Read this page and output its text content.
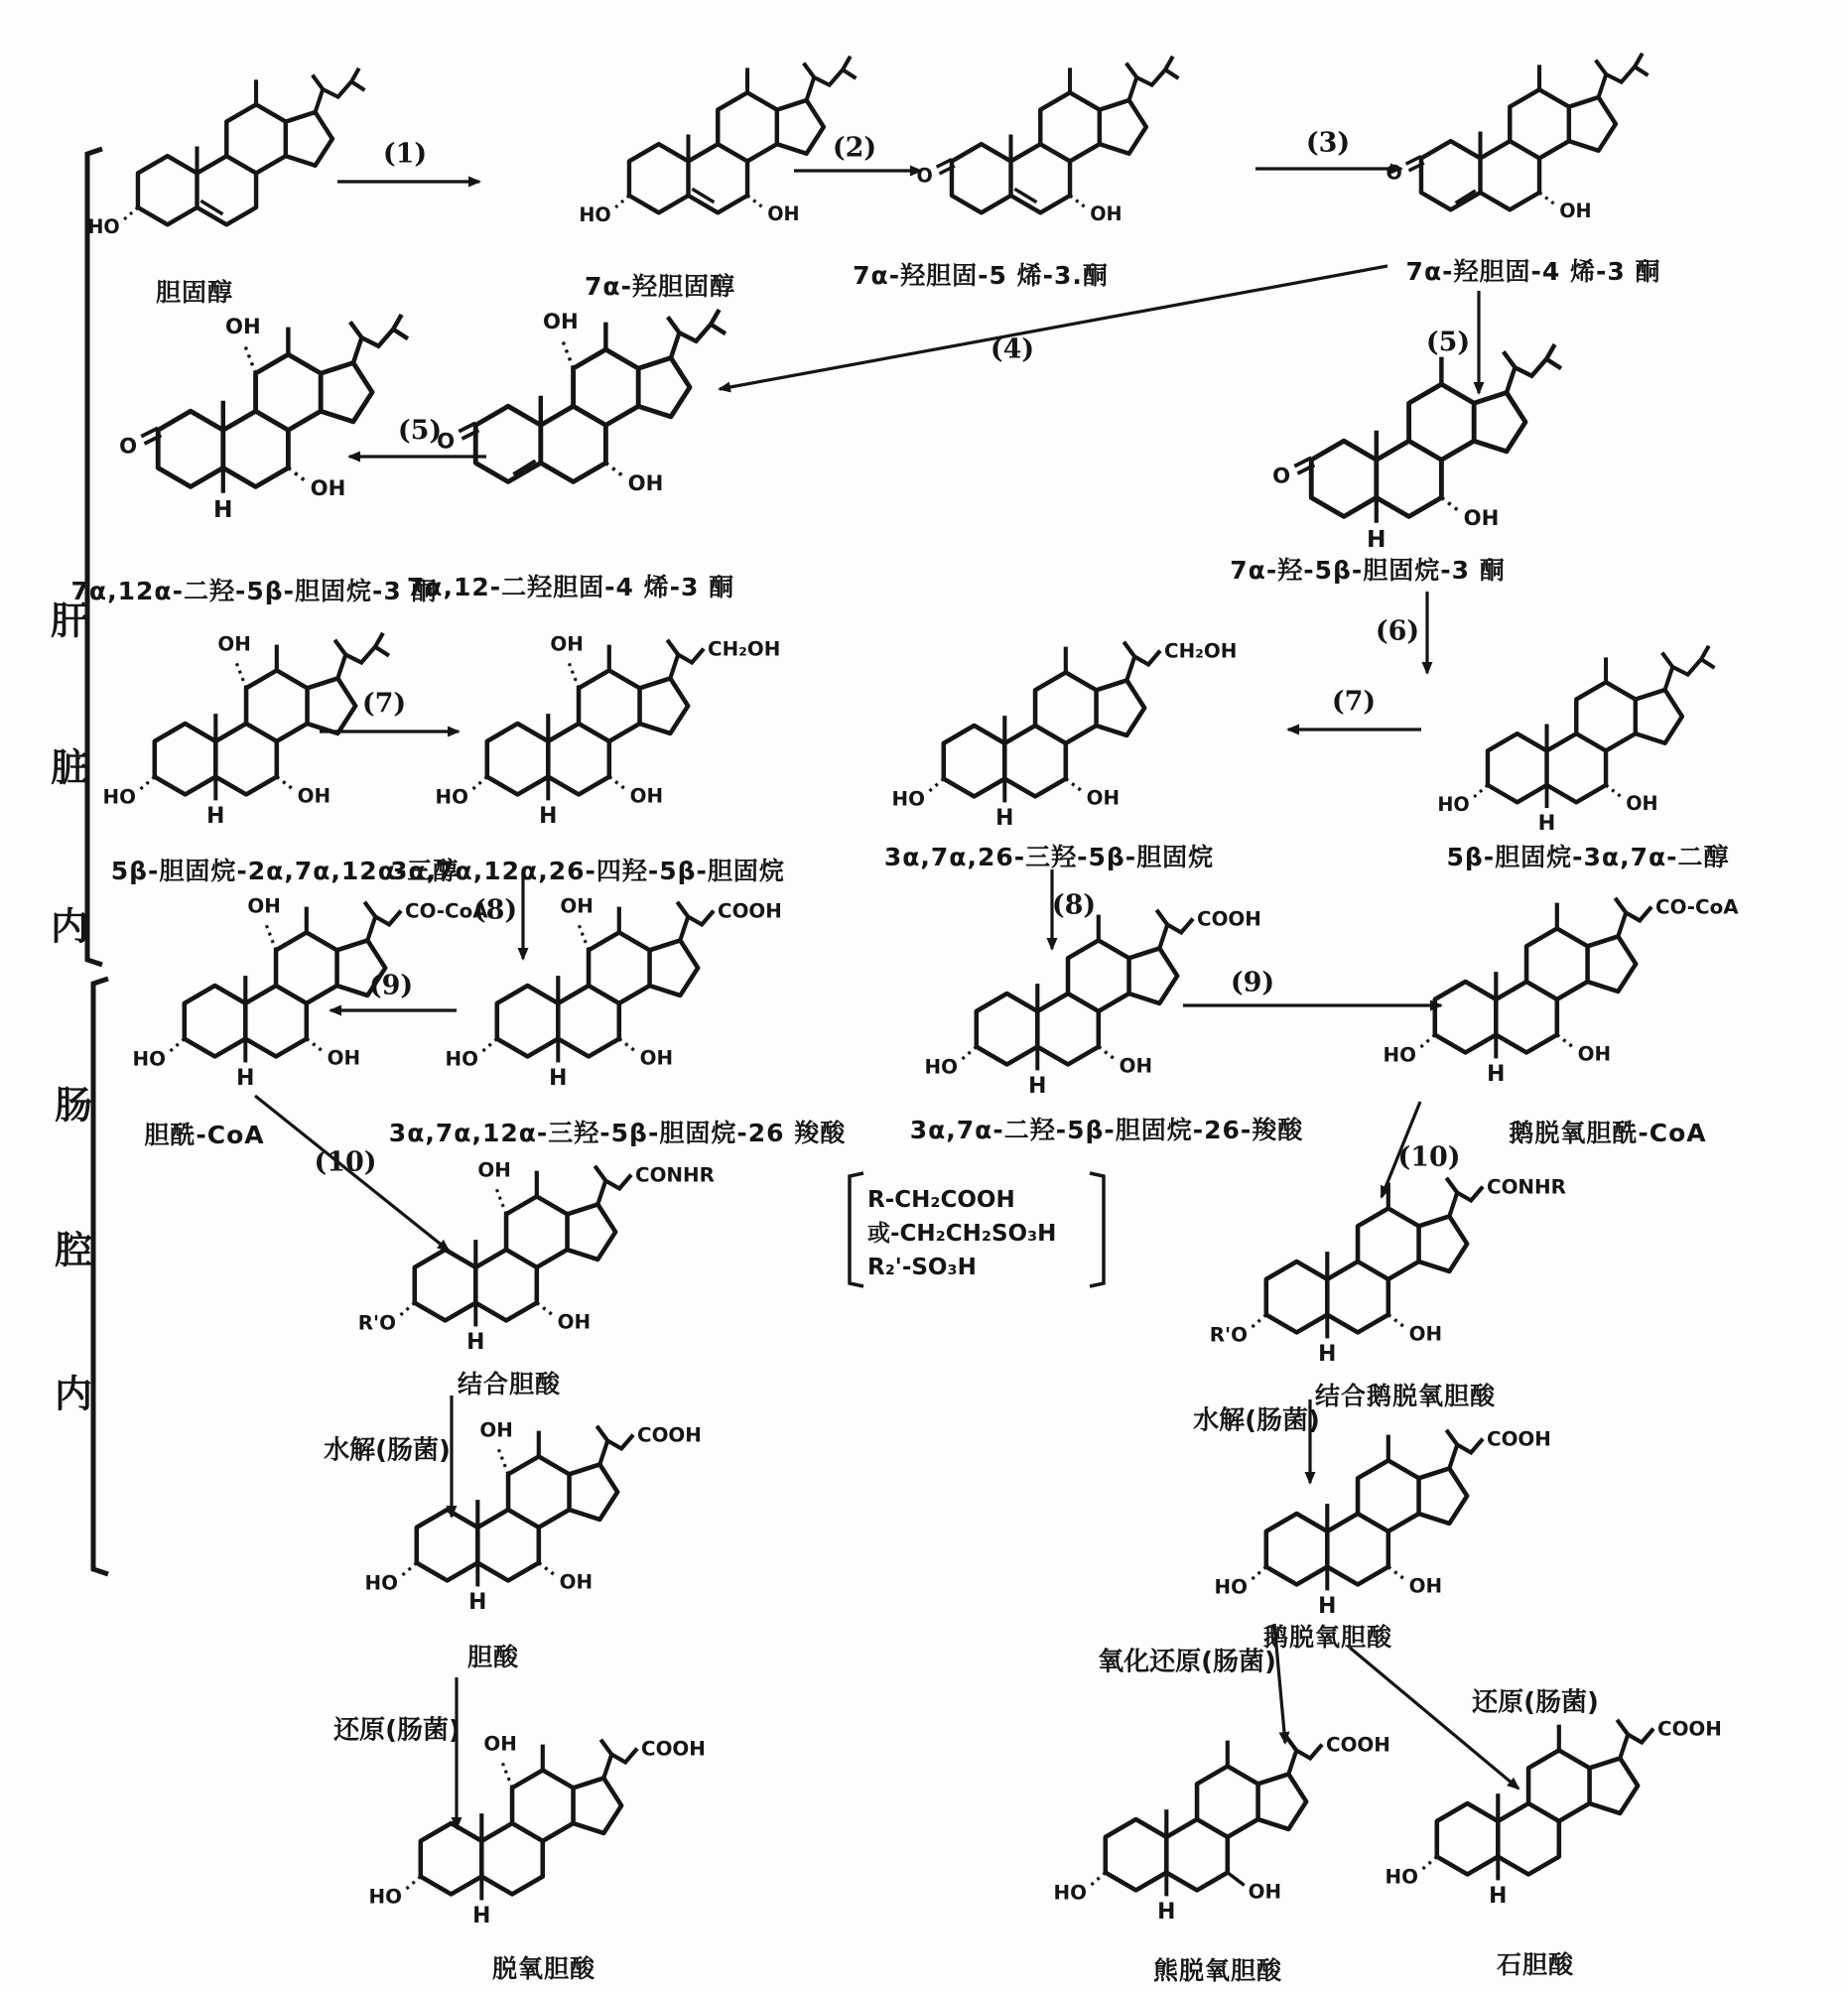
R-CH₂COOH
或-CH₂CH₂SO₃H
R₂'-SO₃H
HO
胆固醇
HO	OH
7α-羟胆固醇
O
OH
7α-羟胆固-5 烯-3.酮
O
OH
7α-羟胆固-4 烯-3 酮
OH
O
OH
7α,12-二羟胆固-4 烯-3 酮
OH
O
H
OH
7α,12α-二羟-5β-胆固烷-3 酮
O
H
OH
7α-羟-5β-胆固烷-3 酮
OH
HO
H
OH
5β-胆固烷-2α,7α,12α-三醇
CH₂OH
OH
HO
H
OH
3α,7α,12α,26-四羟-5β-胆固烷
CH₂OH
HO
H
OH
3α,7α,26-三羟-5β-胆固烷
HO
H
OH
5β-胆固烷-3α,7α-二醇
CO-CoA
OH
HO
H
OH
胆酰-CoA
COOH
OH
HO
H
OH
3α,7α,12α-三羟-5β-胆固烷-26 羧酸
COOH
HO
H
OH
3α,7α-二羟-5β-胆固烷-26-羧酸
CO-CoA
HO
H
OH
鹅脱氧胆酰-CoA
CONHR
OH
R'O
H
OH
结合胆酸
CONHR
R'O
H
OH
结合鹅脱氧胆酸
COOH
OH
HO
H
OH
胆酸
COOH
HO
H
OH
鹅脱氧胆酸
COOH
OH
HO
H
脱氧胆酸
COOH
HO
H
OH
熊脱氧胆酸
COOH
HO
H
石胆酸
(1)	(2)	(3)
(4)	(5)
(5)
(6)
(7)	(7)
(8)	(8)
(9)	(9)
(10)	(10)
水解(肠菌)
水解(肠菌)
还原(肠菌)
氧化还原(肠菌)
还原(肠菌)
肝
脏
内
肠
腔
内
